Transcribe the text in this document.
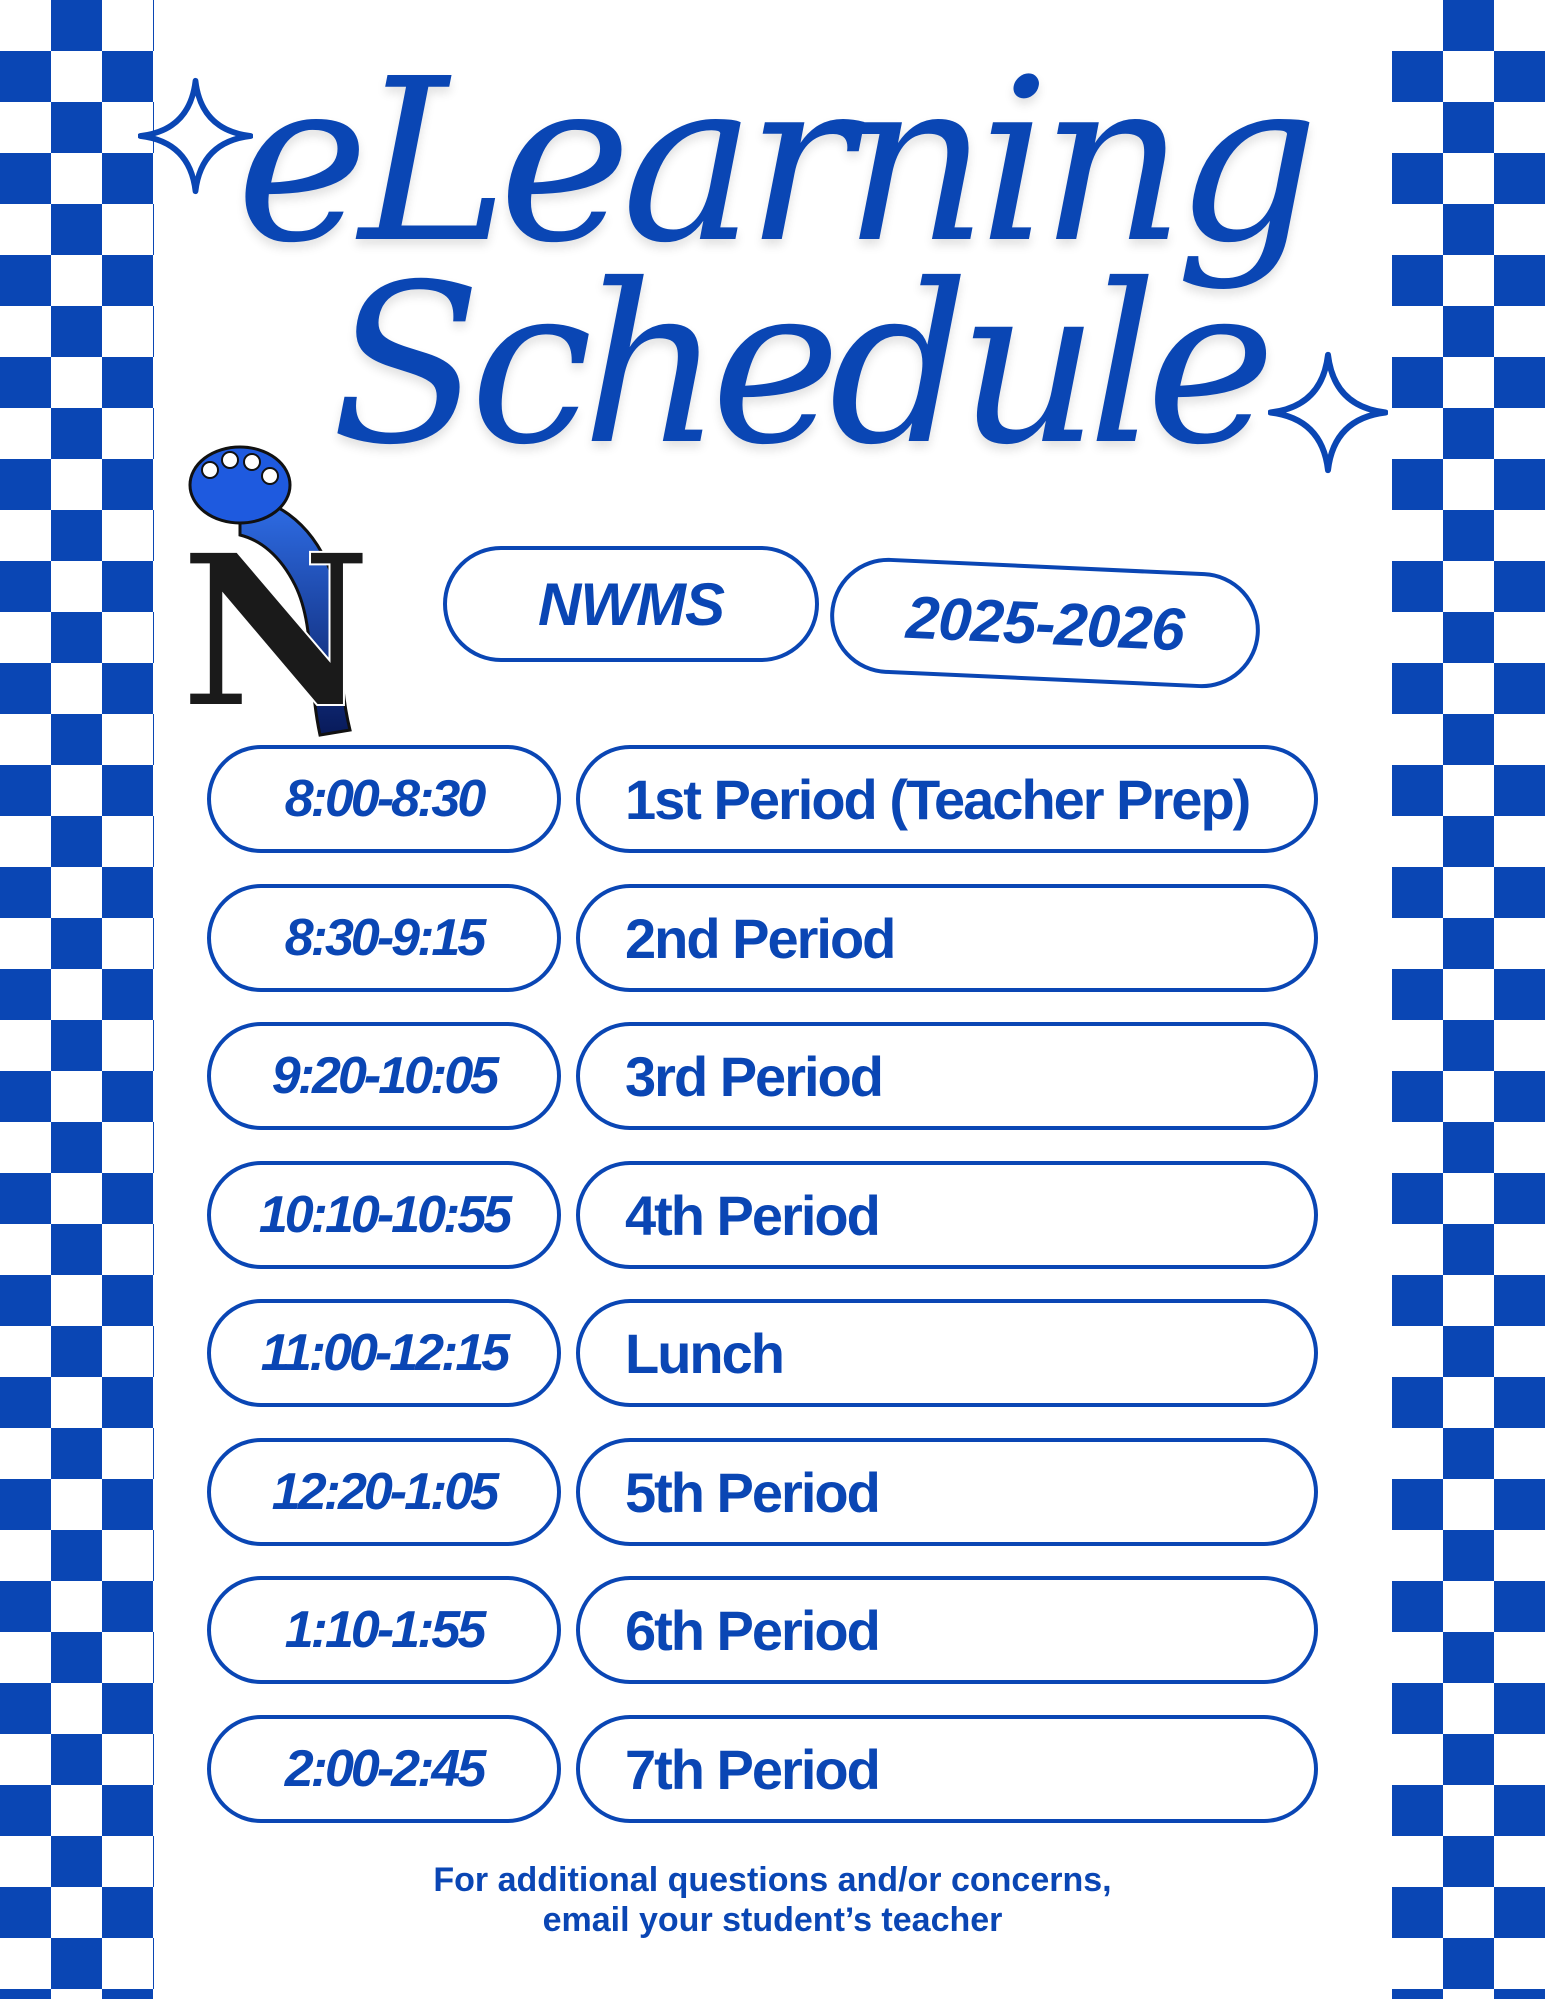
eLearning
Schedule
N	NWMS	2025-2026
8:00-8:30	1st Period (Teacher Prep)
8:30-9:15	2nd Period
9:20-10:05	3rd Period
10:10-10:55	4th Period
11:00-12:15	Lunch
12:20-1:05	5th Period
1:10-1:55	6th Period
2:00-2:45	7th Period
For additional questions and/or concerns,
email your student’s teacher
